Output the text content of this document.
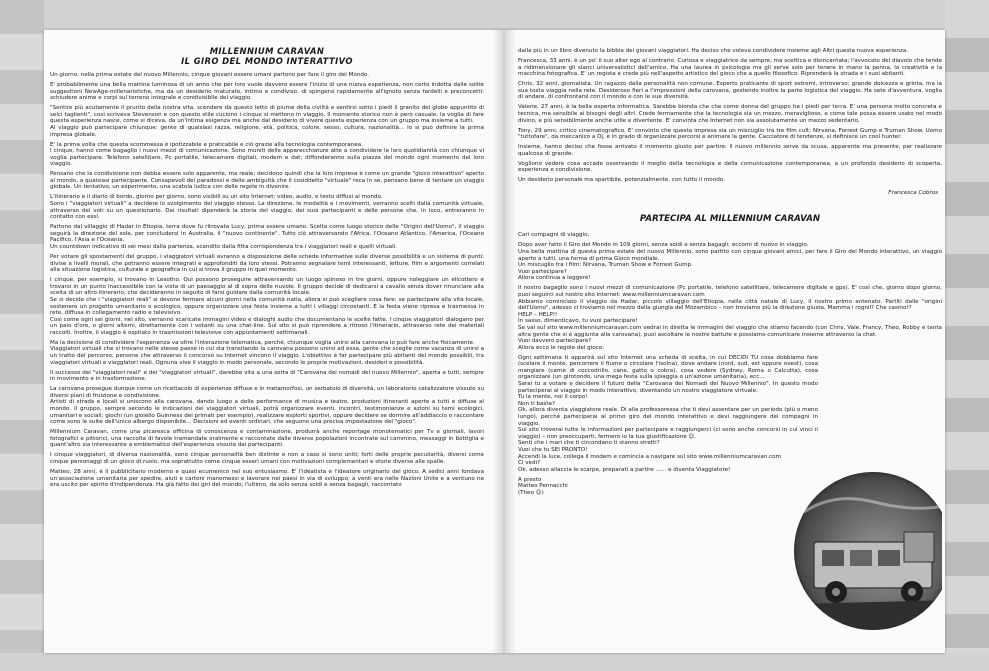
MILLENNIUM CARAVAN
IL GIRO DEL MONDO INTERATTIVO

Un giorno, nella prima estate del nuovo Millennio, cinque giovani essere umani partono per fare il giro del Mondo.

E' probabilmente una bella mattina luminosa di un anno che per loro vuole davvero essere l'inizio di una nuova esperienza, non certo indotta dalle solite suggestioni NewAge-millenaristiche, ma da un desiderio maturato, intimo e condiviso, di spingersi rapidamente all'ignoto senza fardelli e preconcetti: schiudere anime e corpi sul terreno integrale e condivisibile del viaggio.

"Sentire più acutamente il pruritо della nostra vita, scendere da questo letto di piume della civiltà e sentirsi sotto i piedi il granito del globe appuntito di selci taglienti", così scriveva Stevenson e con questo stile cuciono i cinque si mettono in viaggio. Il momento storico non è però casuale, la voglia di fare questa esperienza nasce, come si diceva, da un'intima esigenza ma anche dal desiderio di vivere questa esperienza con un gruppo ma insieme a tutti.
Al viaggio può partecipare chiunque: gente di qualsiasi razza, religione, età, politica, colore, sesso, cultura, nazionalità... lo si può definire la prima impresa globale.

E' la prima volta che questa scommessa è ipotizzabile e praticabile e ciò grazie alla tecnologia contemporanea.
I cinque, hanno come bagaglio i nuovi mezzi di comunicazione. Sono muniti delle apparecchiature atte a condividere le loro quotidianità con chiunque vi voglia partecipare. Telefono satellitare, Pc portatile, telecamere digitali, modem e dat; diffonderanno sulla piazza del mondo ogni momento del loro viaggio.

Pensano che la condivisione non debba essere solo apparente, ma reale; decidono quindi che la loro impresa è come un grande "gioco interattivo" aperto al mondo, a qualsiasi partecipante. Consapevoli dei paradossi e delle ambiguità che il cosiddetto "virtuale" reca in sé, pensano bene di tentare un viaggio globale. Un tentativo, un esperimento, una scatola ludica con delle regole in divenire.

L'itinerario e il diario di bordo, giorno per giorno, sono visibili su un sito Internet: video, audio, e testo diffusi al mondo.
Sono i "viaggiatori virtuali" a decidere lo svolgimento del viaggio stesso. La direzione, le modalità e i movimenti, verranno scelti dalla comunità virtuale, attraverso dei voti su un questionario. Dai risultati dipenderà la storia del viaggio, dei suoi partecipanti e delle persone che, in loco, entreranno in contatto con essi.

Partono dal villaggio di Hadar in Etiopia, terra dove fu ritrovata Lucy, prima essere umano. Scelta come luogo storico delle "Origini dell'Uomo", il viaggio seguirà la direzione del sole, per concludersi in Australia, il "nuovo continente". Tutto ciò attraversando l'Africa, l'Oceano Atlantico, l'America, l'Oceano Pacifico, l'Asia e l'Oceania.
Un countdown indicativo di sei mesi dalla partenza, scandito dalla fitta corrispondenza tra i viaggiatori reali e quelli virtuali.

Per votare gli spostamenti del gruppo, i viaggiatori virtuali avranno a disposizione delle schede informative sulle diverse possibilità e un sistema di punti: divise a livelli morali, che potranno essere integrati e approfonditi da loro stessi. Potranno segnalare temi interessanti, letture, film e argomenti correlati alla situazione logistica, culturale e geografica in cui si trova il gruppo in quel momento.

I cinque, per esempio, si trovano in Lesotho. Qui possono proseguire attraversando un luogo spinoso in tre giorni, oppure noleggiare un elicottero e trovarsi in un punto inaccessibile con la vista di un paesaggio al di sopra delle nuvole. Il gruppo decide di dedicarsi a cavallo senza dover rinunciare alla scelta di un altro itinerario, che decideranno in seguito di farsi guidare dalla comunità locale.
Se si decide che i "viaggiatori reali" si devono fermare alcuni giorni nella comunità natìa, allora si può scegliere cosa fare: se partecipare alla vita locale, sostenere un progetto umanitario o ecologico, oppure organizzare una festa insieme a tutti i villaggi circostanti. E la festa viene ripresa e trasmessa in rete, diffusa in collegamento radio e televisivo.
Così come ogni sei giorni, nel sito, verranno scaricate immagini video e dialoghi audio che documentano le scelte fatte. I cinque viaggiatori dialogano per un paio d'ore, o giorni alterni, direttamente con i votanti su una chat-line. Sul sito si può riprendere a ritroso l'itinerario, attraverso rete dei materiali raccolti. Inoltre, il viaggio è ospitato in trasmissioni televisive con appuntamenti settimanali.

Ma la decisione di condividere l'esperienza va oltre l'interazione telematica, perché, chiunque voglia unirsi alla carovana lo può fare anche fisicamente.
Viaggiatori virtuali che si trovano nelle stesse paese in cui sta transitando la carovana possono unirsi ad essa, gente che sceglie come vacanza di unirsi a un tratto del percorso, persone che attraverso il concorso su Internet vincono il viaggio. L'obiettivo è far partecipare più abitanti del mondo possibili, tra viaggiatori virtuali e viaggiatori reali. Ognuna vive il viaggio in modo personale, secondo le proprie motivazioni, desideri e possibilità.

Il successo dei "viaggiatori reali" e dei "viaggiatori virtuali", darebbe vita a una sorta di "Carovana dei nomadi del nuovo Millennio", aperta a tutti, sempre in movimento e in trasformazione.

La carovana prosegue dunque come un ricettacolo di esperienze diffuse e in metamorfosi, un serbatoio di diversità, un laboratorio catalizzatore vissuto su diversi piani di fruizione e condivisione.
Artisti di strada e locali si uniscono alla carovana, dando luogo a delle performance di musica e teatro, produzioni itineranti aperte a tutti e diffuse al mondo. Il gruppo, sempre secondo le indicazioni dei viaggiatori virtuali, potrà organizzare eventi, incontri, testimonianze e azioni su temi ecologici, umanitari e sociali; giochi (un gioiello Guinness dei primati per esempio), realizzare esplorti sportivi, oppure decidere se dormire all'addiaccio o raccontare come sono le suite dell'unico albergo disponibile... Decisioni ed eventi ordinari, che seguono una precisa impostazione del "gioco".

Millennium Caravan, come una picaresca officina di conoscenza e contaminazione, produrrà anche reportage monotematici per Tv e giornali, lavori fotografici e pittorici, una raccolta di favole tramandate oralmente e raccontate dalle diverse popolazioni incontrate sul cammino, messaggi in bottiglia e quant'altro sia interessante a emblematico dell'esperienza vissuta dai partecipanti.

I cinque viaggiatori, di diversa nazionalità, sono cinque personalità ben distinte e non a caso si sono uniti; forti delle proprie peculiarità, diversi come cinque personaggi di un gioco di ruolo, ma soprattutto come cinque esseri umani con motivazioni complementari e storie diverse alle spalle.

Matteo, 28 anni, è il pubblicitario moderno e quasi ecumenico nel suo entusiasmo. E' l'ideatista e l'ideatore originario del gioco. A sedici anni fondava un'associazione umanitaria per spedire, aiuti e cartoni manomessi e lavorare nei paesi in via di sviluppo; a venti era nelle Nazioni Unite e a ventuno ne era uscito per spirito d'indipendenza. Ha già fatto dei giri del mondo, l'ultimo, da solo senza soldi e senza bagagli, raccontato

dalla più in un libro divenuto la bibbia dei giovani viaggiatori. Ha deciso che voleva condividere insieme agli Altri questa nuova esperienza.

Francesca, 33 anni, è un po' il suo alter ego al contrario. Curiosa e viaggiatrice da sempre, ma scettica e disincantata; l'avvocato del diavolo che tende a ridimensionare gli slanci universalistici dell'amico. Ha una laurea in psicologia ma gli serve solo per tenere in mano la penna, la creatività e la macchina fotografica. E' un regista e crede più nell'aspetto artistico del gioco che a quello filosofico. Riprenderà la strada e i suoi abitanti.

Chris, 32 anni, giornalista. Un ragazzo dalla personalità non comune. Esperto praticante di sport estremi, introverso; grande dolcezza e grinta, ma la sua tosta viaggia nella rete. Desideroso fieri a l'impressioni della carovana, gestendo inoltre la parte logistica del viaggio. Ha sete d'avventura, voglia di andare, di confrontarsi con il mondo e con le sue diversità.

Valerie, 27 anni, è la bella esperta informatica. Sarebbe bionda che che come donna del gruppo ha i piedi per terra. E' una persona molto concreta e tecnica, ma sensibile ai bisogni degli altri. Crede fermamente che la tecnologia sia un mezzo, meraviglioso, e come tale possa essere usato nel modo divino, e più sensibilmente anche utile e divertente. E' convinta che Internet non sia assolutamente un mezzo sedentario.

Tony, 29 anni, critico cinematografico. E' convinto che questa impresa sia un miscuglio tra tre film cult: Nirvana, Forrest Gump e Truman Show. Uomo "tuttofare", da meccanico a Dj, è in grado di organizzare percorsi e animare la gente. Cacciatore di tendenze, si definisce un cool hunter.

Insieme, hanno deciso che fosse arrivato il momento giusto per partire: il nuovo millennio serve da scusa, apparente ma presente, per realizzare qualcosa di grande.

Vogliono vedere cosa accade osservando il meglio della tecnologia e della comunicazione contemporanea, a un profondo desiderio di scoperta, esperienza e condivisione.

Un desiderio personale ma spartibile, potenzialmente, con tutto il mondo.

Francesca Cobros
PARTECIPA AL MILLENNIUM CARAVAN

Cari compagni di viaggio,

Dopo aver fatto il Giro del Mondo in 109 giorni, senza soldi e senza bagagli; eccomi di nuovo in viaggio.
Una bella mattina di questa prima estate del nuovo Millennio, sono partito con cinque giovani amici, per fare il Giro del Mondo interattivo, un viaggio aperto a tutti, una forma di prima Gioco mondiale.
Un miscuglio tra i film: Nirvana, Truman Show e Forrest Gump.
Vuoi partecipare?
Allora continua a leggere!

Il nostro bagaglio sono i nuovi mezzi di comunicazione (Pc portatile, telefono satellitare, telecamere digitale e gps). E' così che, giorno dopo giorno, puoi seguirci sul nostro sito internet: www.millenniumcaravan.com
Abbiamo cominciato il viaggio da Hadar, piccolo villaggio dell'Etiopia, nella città natale di Lucy, il nostro primo antenato. Partiti dalle "origini dell'Uomo", adesso ci troviamo nel mezzo della giungla del Mozambico – non troviamo più la direzione giusta, Mamma i rognil? Che casino!?
HELP – HELP!!
In sasso, dimenticavo, tu vuoi partecipare!
Se vai sul sito www.millenniumcaravan.com vedrai in diretta le immagini del viaggio che stiamo facendo (con Chris, Vale, Francy, Theo, Robby e tanta altra gente che si è aggiunta alla carovana), puoi ascoltare le nostre battute e possiamo comunicare insieme attraverso la chat.
Vuoi davvero partecipare?
Allora ecco le regole del gioco:

Ogni settimana ti apparirà sul sito Internet una scheda di scelta, in cui DECIDI TU cosa dobbiamo fare (scelare il monte, percorrere il fiume o circolare l'isolna), dove andare (nord, sud, est oppure ovest), cosa mangiare (carne di coccodrillo, cane, gatto o cobra), cosa vedere (Sydney, Roma o Calcutta), cosa organizzare (un girotondo, una mega festa sulla spiaggia o un'azione umanitaria), ecc...
Sarai tu a votare e decidere il futuro della "Carovana dei Nomadi del Nuovo Millennio". In questo modo parteciperai al viaggio in modo interattivo, diventando un nostro viaggiatore virtuale.
Tu la mente, noi il corpo!
Non ti basta?
Ok, allora diventa viaggiatore reale. Di alla professoressa che ti devi assentare per un periodo (più o meno lungo), perché parteciperai al primo giro del mondo interattivo e devi raggiungere dei compagni in viaggio.
Sul sito troverai tutte le informazioni per partecipare e raggiungerci (ci sono anche concorsi in cui vinci il viaggio) – non preoccuparti, fermerò io la tua giustificazione ☺.
Senti che i mari che ti circondano ti stanno stretti?
Vuoi che tu SEI PRONTO!
Accendi la luce, collega il modem e comincia a navigare sul sito www.millenniumcaravan.com
Ci vedi?
Ok, adesso allaccia le scarpe, preparati a partire ...... e diventa Viaggiatore!

A presto
Matteo Pennacchi
(Theo ☺)
